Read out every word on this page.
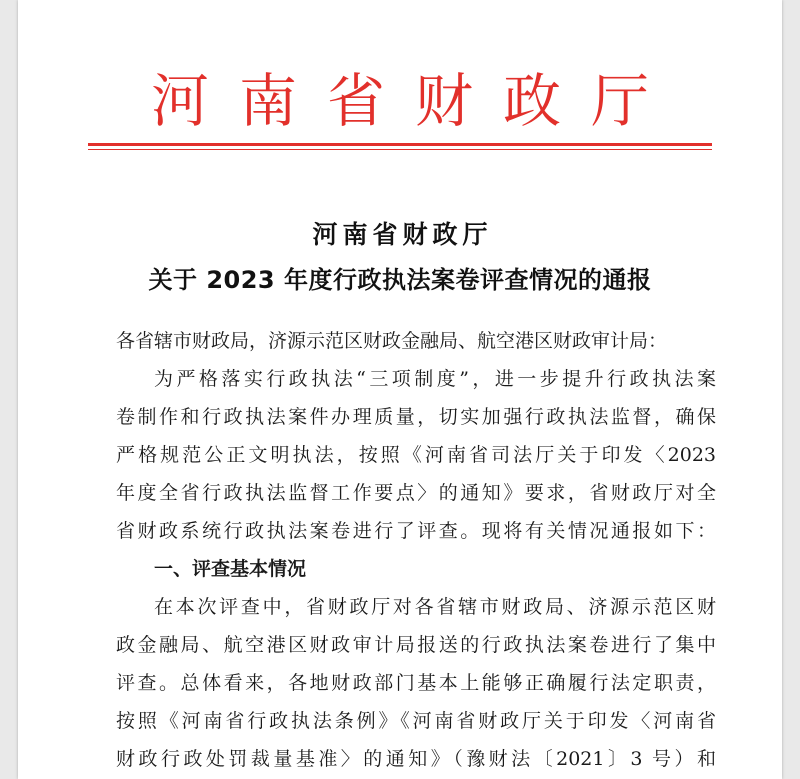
河南省财政厅
河南省财政厅
关于 2023 年度行政执法案卷评查情况的通报

各省辖市财政局，济源示范区财政金融局、航空港区财政审计局：

为严格落实行政执法“三项制度”，进一步提升行政执法案

卷制作和行政执法案件办理质量，切实加强行政执法监督，确保

严格规范公正文明执法，按照《河南省司法厅关于印发〈2023

年度全省行政执法监督工作要点〉的通知》要求，省财政厅对全

省财政系统行政执法案卷进行了评查。现将有关情况通报如下：

一、评查基本情况

在本次评查中，省财政厅对各省辖市财政局、济源示范区财

政金融局、航空港区财政审计局报送的行政执法案卷进行了集中

评查。总体看来，各地财政部门基本上能够正确履行法定职责，

按照《河南省行政执法条例》《河南省财政厅关于印发〈河南省

财政行政处罚裁量基准〉的通知》（豫财法〔2021〕3 号）和
